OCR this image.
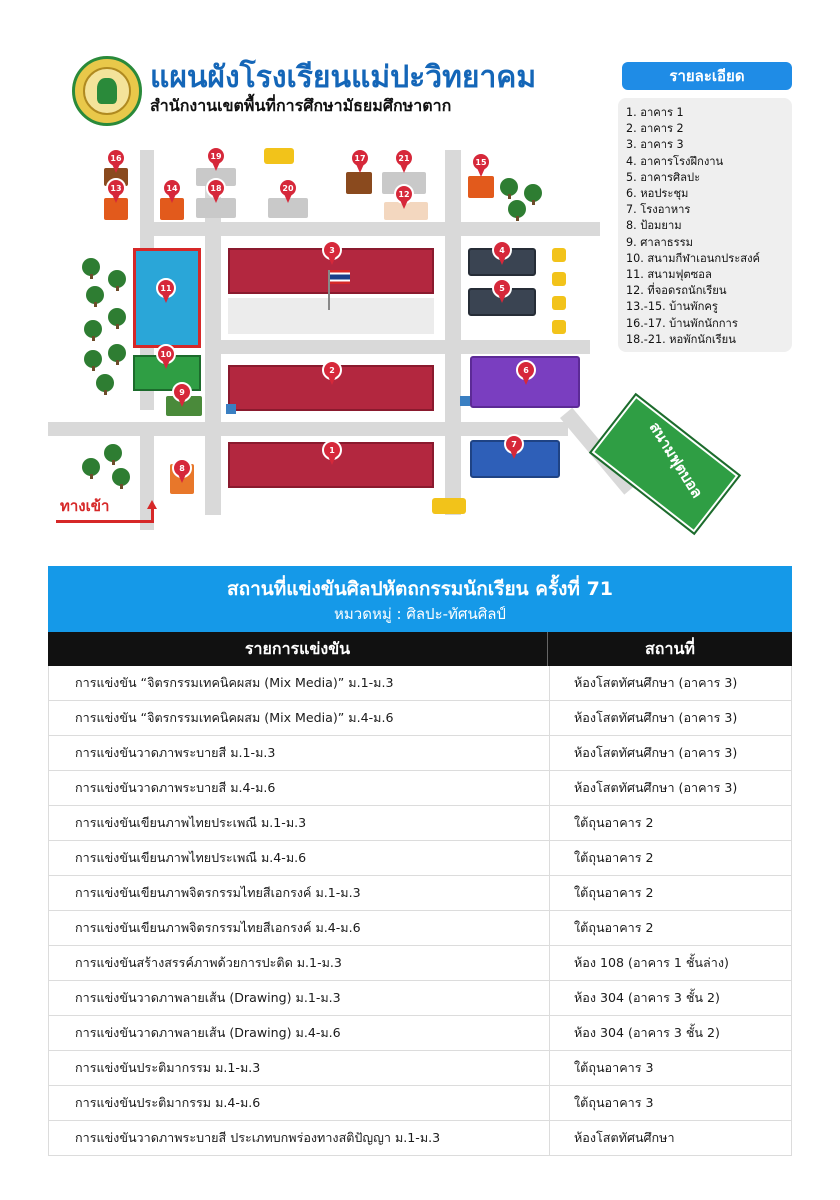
แผนผังโรงเรียนแม่ปะวิทยาคม
สำนักงานเขตพื้นที่การศึกษามัธยมศึกษาตาก
รายละเอียด
1. อาคาร 1
2. อาคาร 2
3. อาคาร 3
4. อาคารโรงฝึกงาน
5. อาคารศิลปะ
6. หอประชุม
7. โรงอาหาร
8. ป้อมยาม
9. ศาลาธรรม
10. สนามกีฬาเอนกประสงค์
11. สนามฟุตซอล
12. ที่จอดรถนักเรียน
13.-15. บ้านพักครู
16.-17. บ้านพักนักการ
18.-21. หอพักนักเรียน
สนามฟุตบอล
ทางเข้า
1
2
3	4
5
6
7
8
9
10
11
12
13	14
15
16	17
18
19
20
21
สถานที่แข่งขันศิลปหัตถกรรมนักเรียน ครั้งที่ 71
หมวดหมู่ : ศิลปะ-ทัศนศิลป์
รายการแข่งขัน	สถานที่
การแข่งขัน “จิตรกรรมเทคนิคผสม (Mix Media)” ม.1-ม.3	ห้องโสตทัศนศึกษา (อาคาร 3)
การแข่งขัน “จิตรกรรมเทคนิคผสม (Mix Media)” ม.4-ม.6	ห้องโสตทัศนศึกษา (อาคาร 3)
การแข่งขันวาดภาพระบายสี ม.1-ม.3	ห้องโสตทัศนศึกษา (อาคาร 3)
การแข่งขันวาดภาพระบายสี ม.4-ม.6	ห้องโสตทัศนศึกษา (อาคาร 3)
การแข่งขันเขียนภาพไทยประเพณี ม.1-ม.3	ใต้ถุนอาคาร 2
การแข่งขันเขียนภาพไทยประเพณี ม.4-ม.6	ใต้ถุนอาคาร 2
การแข่งขันเขียนภาพจิตรกรรมไทยสีเอกรงค์ ม.1-ม.3	ใต้ถุนอาคาร 2
การแข่งขันเขียนภาพจิตรกรรมไทยสีเอกรงค์ ม.4-ม.6	ใต้ถุนอาคาร 2
การแข่งขันสร้างสรรค์ภาพด้วยการปะติด ม.1-ม.3	ห้อง 108 (อาคาร 1 ชั้นล่าง)
การแข่งขันวาดภาพลายเส้น (Drawing) ม.1-ม.3	ห้อง 304 (อาคาร 3 ชั้น 2)
การแข่งขันวาดภาพลายเส้น (Drawing) ม.4-ม.6	ห้อง 304 (อาคาร 3 ชั้น 2)
การแข่งขันประติมากรรม ม.1-ม.3	ใต้ถุนอาคาร 3
การแข่งขันประติมากรรม ม.4-ม.6	ใต้ถุนอาคาร 3
การแข่งขันวาดภาพระบายสี ประเภทบกพร่องทางสติปัญญา ม.1-ม.3	ห้องโสตทัศนศึกษา
